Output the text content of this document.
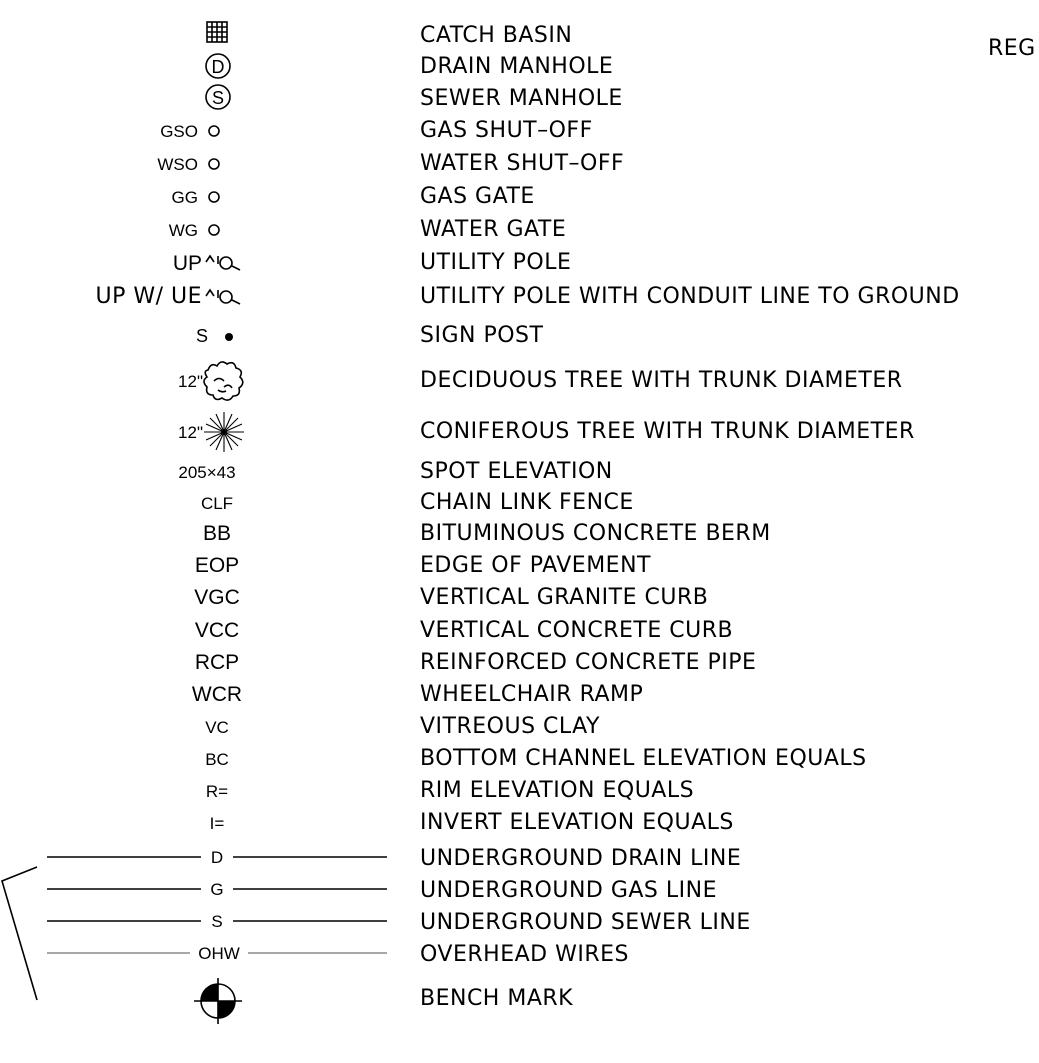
REG
CATCH BASIN
DRAIN MANHOLE
SEWER MANHOLE
GAS SHUT–OFF
WATER SHUT–OFF
GAS GATE
WATER GATE
UTILITY POLE
UTILITY POLE WITH CONDUIT LINE TO GROUND
SIGN POST
DECIDUOUS TREE WITH TRUNK DIAMETER
CONIFEROUS TREE WITH TRUNK DIAMETER
SPOT ELEVATION
CHAIN LINK FENCE
BITUMINOUS CONCRETE BERM
EDGE OF PAVEMENT
VERTICAL GRANITE CURB
VERTICAL CONCRETE CURB
REINFORCED CONCRETE PIPE
WHEELCHAIR RAMP
VITREOUS CLAY
BOTTOM CHANNEL ELEVATION EQUALS
RIM ELEVATION EQUALS
INVERT ELEVATION EQUALS
UNDERGROUND DRAIN LINE
UNDERGROUND GAS LINE
UNDERGROUND SEWER LINE
OVERHEAD WIRES
BENCH MARK
D
S
GSO
WSO
GG
WG
UP
UP W/ UE
S
12"
12"
205×43
CLF
BB
EOP
VGC
VCC
RCP
WCR
VC
BC
R=
I=
D
G
S
OHW
